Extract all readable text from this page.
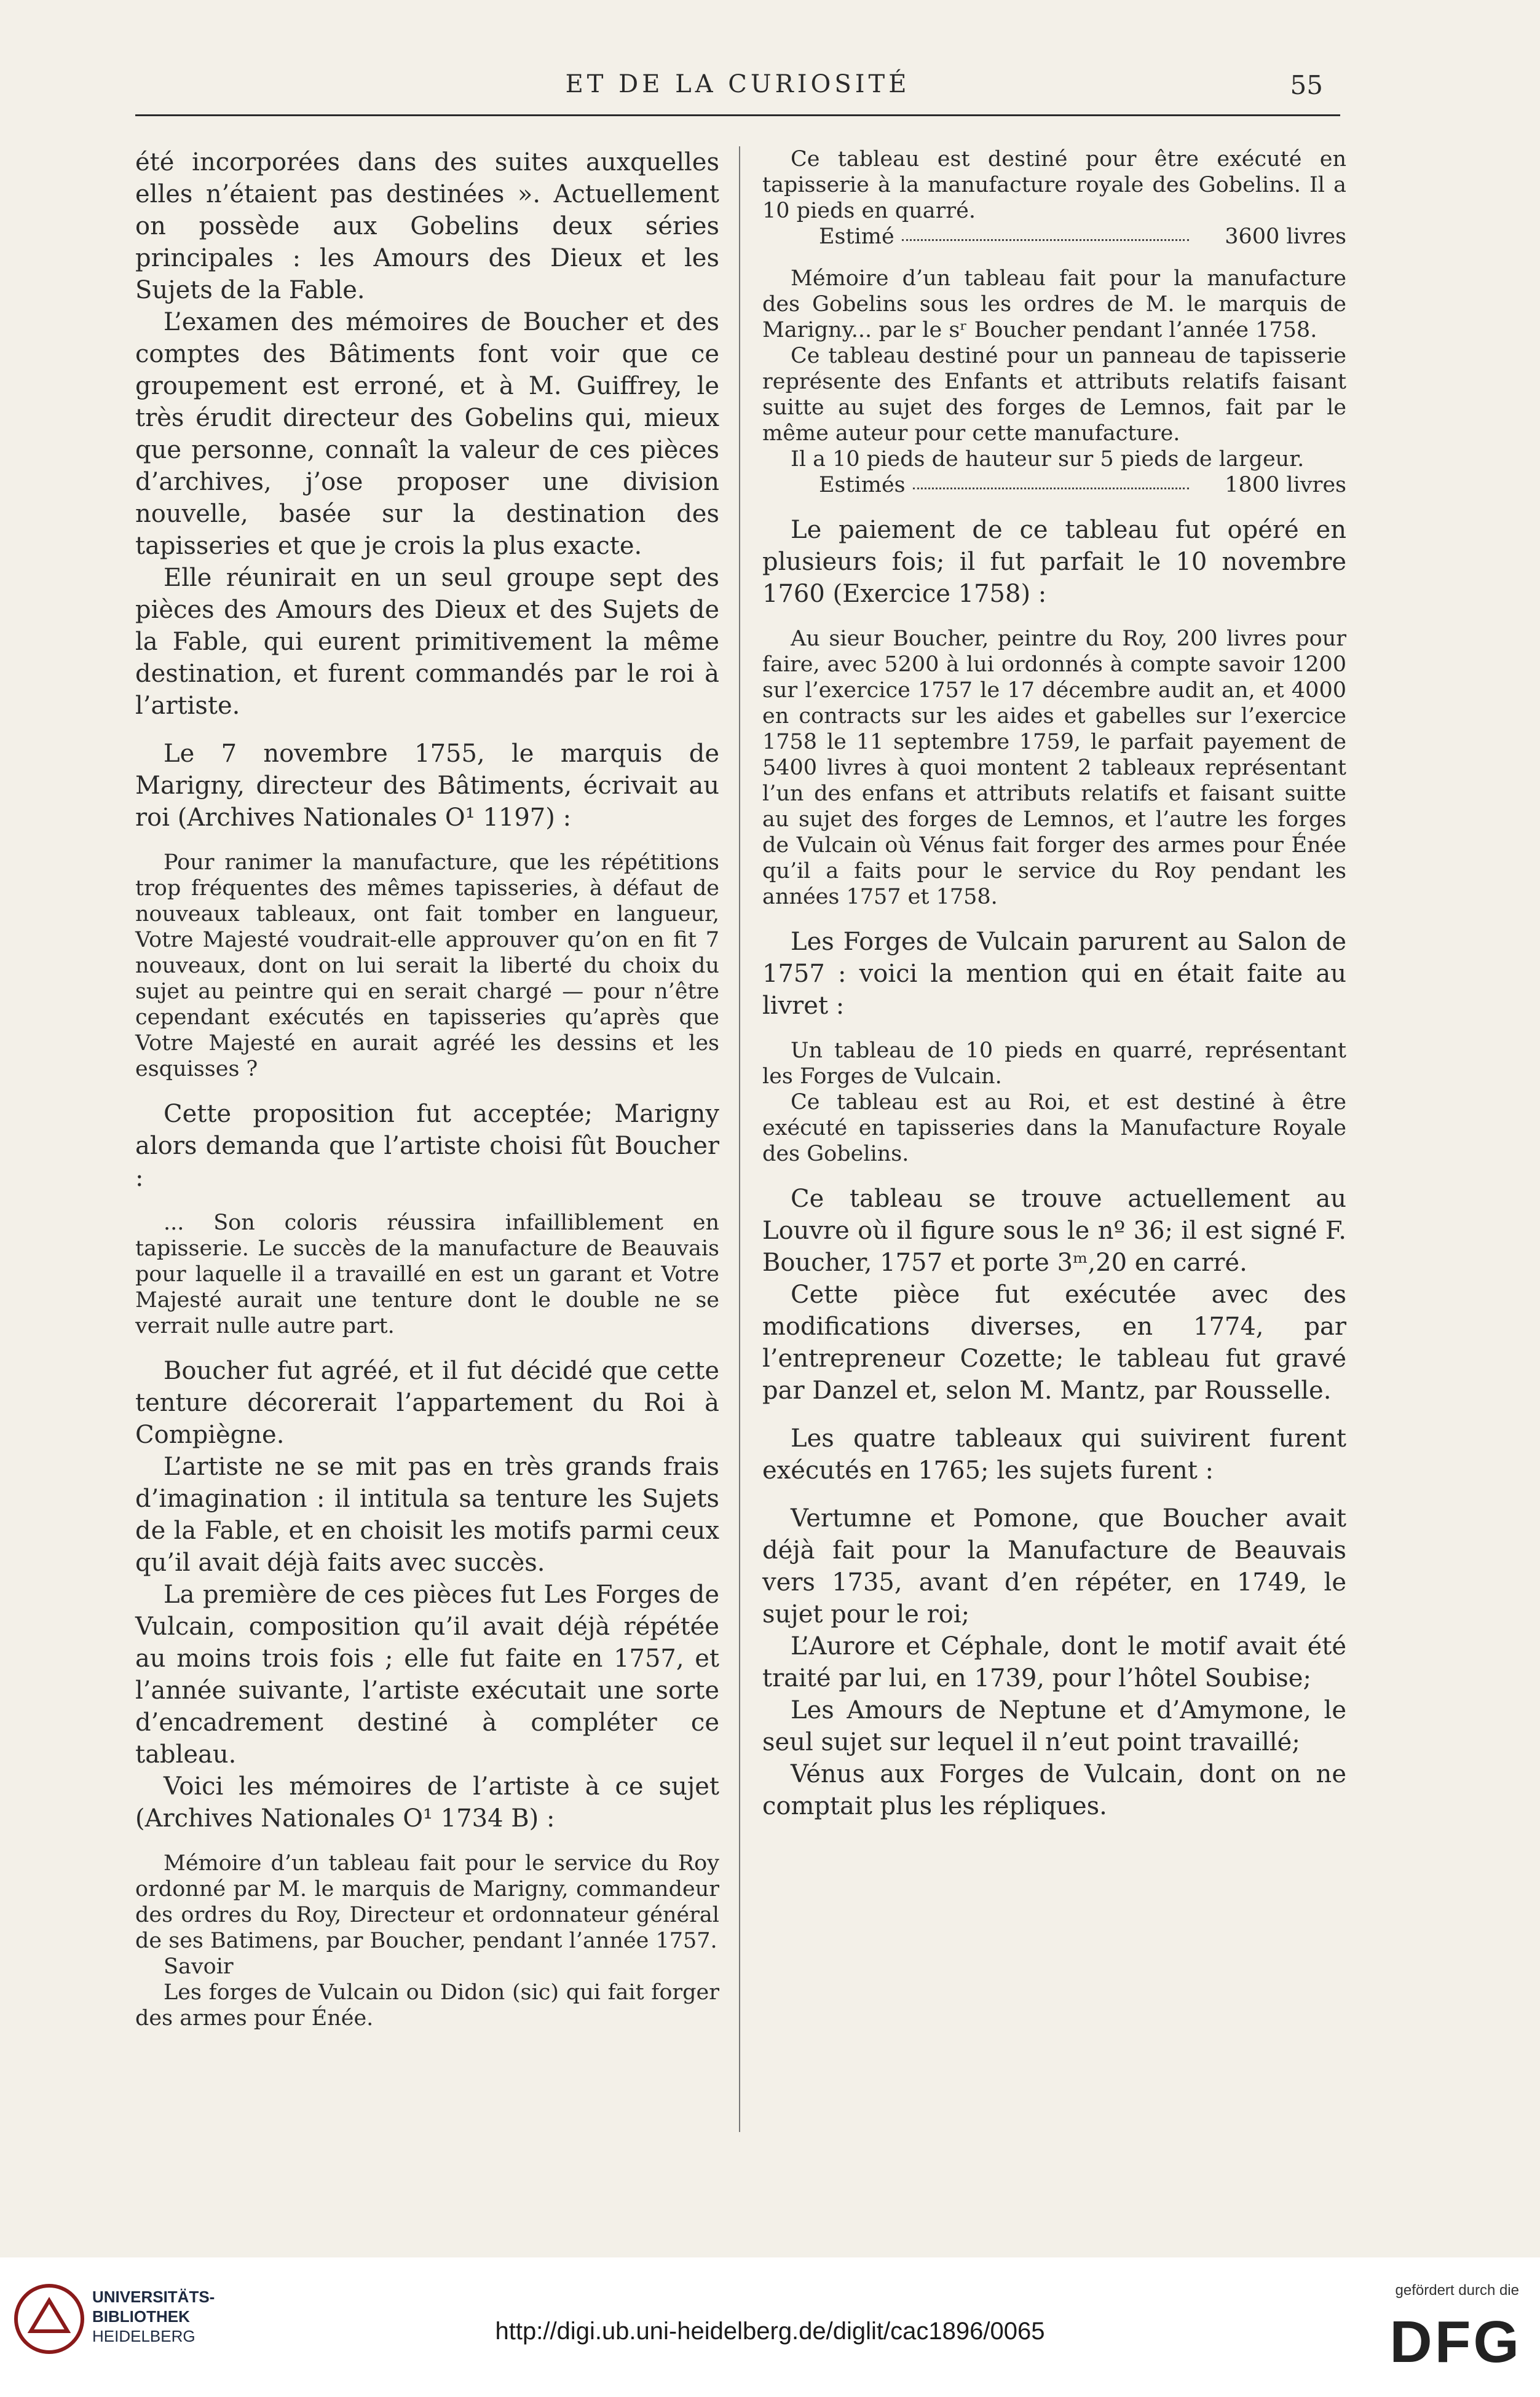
ET DE LA CURIOSITÉ	55

été incorporées dans des suites auxquelles elles n’étaient pas destinées ». Actuellement on possède aux Gobelins deux séries principales : les Amours des Dieux et les Sujets de la Fable.

L’examen des mémoires de Boucher et des comptes des Bâtiments font voir que ce groupement est erroné, et à M. Guiffrey, le très érudit directeur des Gobelins qui, mieux que personne, connaît la valeur de ces pièces d’archives, j’ose proposer une division nouvelle, basée sur la destination des tapisseries et que je crois la plus exacte.

Elle réunirait en un seul groupe sept des pièces des Amours des Dieux et des Sujets de la Fable, qui eurent primitivement la même destination, et furent commandés par le roi à l’artiste.

Le 7 novembre 1755, le marquis de Marigny, directeur des Bâtiments, écrivait au roi (Archives Nationales O¹ 1197) :

Pour ranimer la manufacture, que les répétitions trop fréquentes des mêmes tapisseries, à défaut de nouveaux tableaux, ont fait tomber en langueur, Votre Majesté voudrait-elle approuver qu’on en fit 7 nouveaux, dont on lui serait la liberté du choix du sujet au peintre qui en serait chargé — pour n’être cependant exécutés en tapisseries qu’après que Votre Majesté en aurait agréé les dessins et les esquisses ?

Cette proposition fut acceptée; Marigny alors demanda que l’artiste choisi fût Boucher :

... Son coloris réussira infailliblement en tapisserie. Le succès de la manufacture de Beauvais pour laquelle il a travaillé en est un garant et Votre Majesté aurait une tenture dont le double ne se verrait nulle autre part.

Boucher fut agréé, et il fut décidé que cette tenture décorerait l’appartement du Roi à Compiègne.

L’artiste ne se mit pas en très grands frais d’imagination : il intitula sa tenture les Sujets de la Fable, et en choisit les motifs parmi ceux qu’il avait déjà faits avec succès.

La première de ces pièces fut Les Forges de Vulcain, composition qu’il avait déjà répétée au moins trois fois ; elle fut faite en 1757, et l’année suivante, l’artiste exécutait une sorte d’encadrement destiné à compléter ce tableau.

Voici les mémoires de l’artiste à ce sujet (Archives Nationales O¹ 1734 B) :

Mémoire d’un tableau fait pour le service du Roy ordonné par M. le marquis de Marigny, commandeur des ordres du Roy, Directeur et ordonnateur général de ses Batimens, par Boucher, pendant l’année 1757.

Savoir

Les forges de Vulcain ou Didon (sic) qui fait forger des armes pour Énée.

Ce tableau est destiné pour être exécuté en tapisserie à la manufacture royale des Gobelins. Il a 10 pieds en quarré.

Estimé	3600 livres

Mémoire d’un tableau fait pour la manufacture des Gobelins sous les ordres de M. le marquis de Marigny... par le sʳ Boucher pendant l’année 1758.

Ce tableau destiné pour un panneau de tapisserie représente des Enfants et attributs relatifs faisant suitte au sujet des forges de Lemnos, fait par le même auteur pour cette manufacture.

Il a 10 pieds de hauteur sur 5 pieds de largeur.

Estimés	1800 livres

Le paiement de ce tableau fut opéré en plusieurs fois; il fut parfait le 10 novembre 1760 (Exercice 1758) :

Au sieur Boucher, peintre du Roy, 200 livres pour faire, avec 5200 à lui ordonnés à compte savoir 1200 sur l’exercice 1757 le 17 décembre audit an, et 4000 en contracts sur les aides et gabelles sur l’exercice 1758 le 11 septembre 1759, le parfait payement de 5400 livres à quoi montent 2 tableaux représentant l’un des enfans et attributs relatifs et faisant suitte au sujet des forges de Lemnos, et l’autre les forges de Vulcain où Vénus fait forger des armes pour Énée qu’il a faits pour le service du Roy pendant les années 1757 et 1758.

Les Forges de Vulcain parurent au Salon de 1757 : voici la mention qui en était faite au livret :

Un tableau de 10 pieds en quarré, représentant les Forges de Vulcain.

Ce tableau est au Roi, et est destiné à être exécuté en tapisseries dans la Manufacture Royale des Gobelins.

Ce tableau se trouve actuellement au Louvre où il figure sous le nº 36; il est signé F. Boucher, 1757 et porte 3ᵐ,20 en carré.

Cette pièce fut exécutée avec des modifications diverses, en 1774, par l’entrepreneur Cozette; le tableau fut gravé par Danzel et, selon M. Mantz, par Rousselle.

Les quatre tableaux qui suivirent furent exécutés en 1765; les sujets furent :

Vertumne et Pomone, que Boucher avait déjà fait pour la Manufacture de Beauvais vers 1735, avant d’en répéter, en 1749, le sujet pour le roi;

L’Aurore et Céphale, dont le motif avait été traité par lui, en 1739, pour l’hôtel Soubise;

Les Amours de Neptune et d’Amymone, le seul sujet sur lequel il n’eut point travaillé;

Vénus aux Forges de Vulcain, dont on ne comptait plus les répliques.

UNIVERSITÄTS-
BIBLIOTHEK
HEIDELBERG	http://digi.ub.uni-heidelberg.de/diglit/cac1896/0065
gefördert durch die
DFG
